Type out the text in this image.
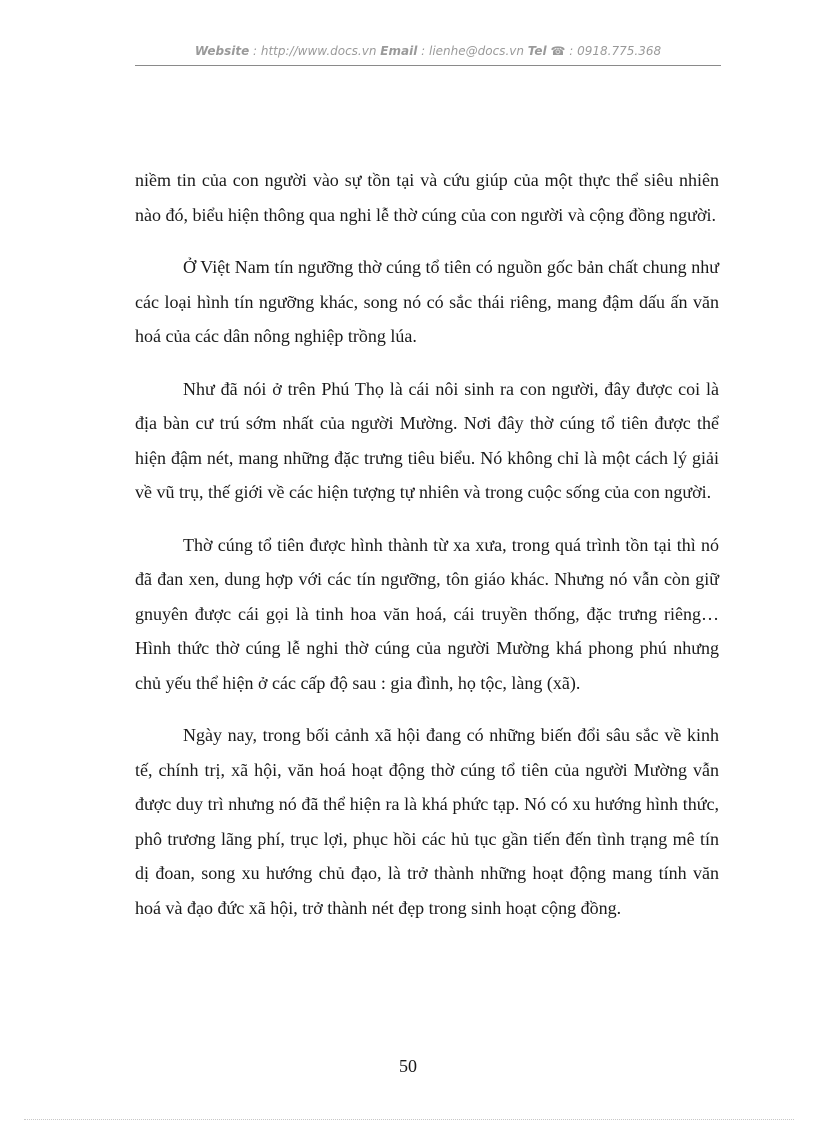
Website : http://www.docs.vn Email : lienhe@docs.vn Tel ☎ : 0918.775.368

niềm tin của con người vào sự tồn tại và cứu giúp của một thực thể siêu nhiên nào đó, biểu hiện thông qua nghi lễ thờ cúng của con người và cộng đồng người.

Ở Việt Nam tín ngưỡng thờ cúng tổ tiên có nguồn gốc bản chất chung như các loại hình tín ngưỡng khác, song nó có sắc thái riêng, mang đậm dấu ấn văn hoá của các dân nông nghiệp trồng lúa.

Như đã nói ở trên Phú Thọ là cái nôi sinh ra con người, đây được coi là địa bàn cư trú sớm nhất của người Mường. Nơi đây thờ cúng tổ tiên được thể hiện đậm nét, mang những đặc trưng tiêu biểu. Nó không chỉ là một cách lý giải về vũ trụ, thế giới về các hiện tượng tự nhiên và trong cuộc sống của con người.

Thờ cúng tổ tiên được hình thành từ xa xưa, trong quá trình tồn tại thì nó đã đan xen, dung hợp với các tín ngưỡng, tôn giáo khác. Nhưng nó vẫn còn giữ gnuyên được cái gọi là tinh hoa văn hoá, cái truyền thống, đặc trưng riêng… Hình thức thờ cúng lễ nghi thờ cúng của người Mường khá phong phú nhưng chủ yếu thể hiện ở các cấp độ sau : gia đình, họ tộc, làng (xã).

Ngày nay, trong bối cảnh xã hội đang có những biến đổi sâu sắc về kinh tế, chính trị, xã hội, văn hoá hoạt động thờ cúng tổ tiên của người Mường vẫn được duy trì nhưng nó đã thể hiện ra là khá phức tạp. Nó có xu hướng hình thức, phô trương lãng phí, trục lợi, phục hồi các hủ tục gần tiến đến tình trạng mê tín dị đoan, song xu hướng chủ đạo, là trở thành những hoạt động mang tính văn hoá và đạo đức xã hội, trở thành nét đẹp trong sinh hoạt cộng đồng.

50
